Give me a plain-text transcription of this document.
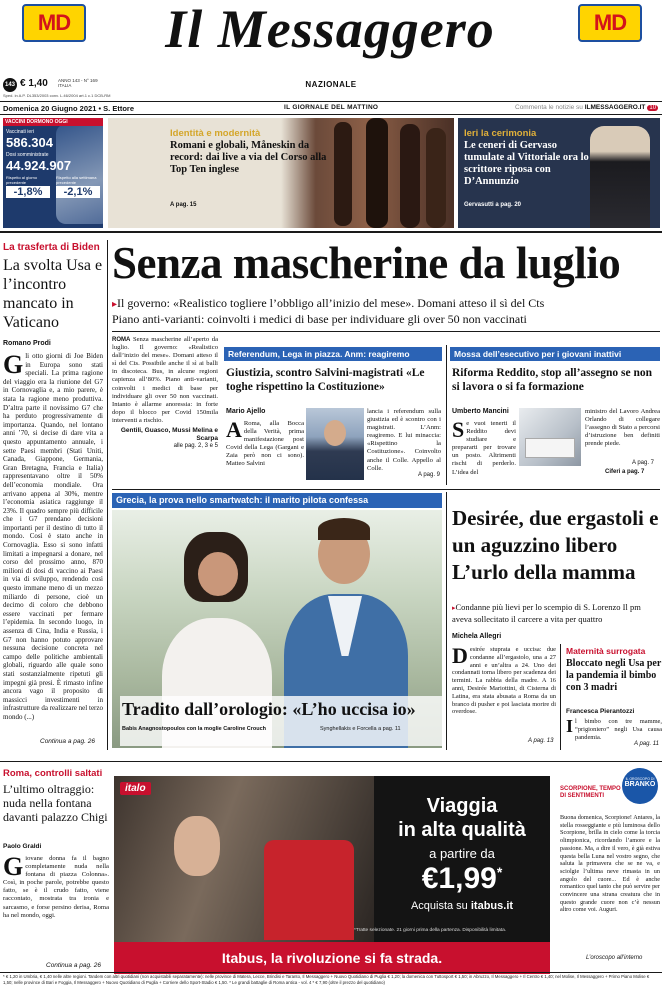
MD	MD
Il Messaggero
NAZIONALE
143 € 1,40 ANNO 143 - N° 169
ITALIA
Sped. in A.P. DL353/2003 conv. L.46/2004 art.1 c.1 DCB-RM
Domenica 20 Giugno 2021 • S. Ettore	IL GIORNALE DEL MATTINO	Commenta le notizie su ILMESSAGGERO.IT 10
VACCINI DORMONO OGGI
Vaccinati ieri
586.304
Dosi somministrate
44.924.907
Rispetto al giorno precedente
-1,8%
Rispetto alla settimana precedente
-2,1%
Identità e modernità
Romani e globali, Måneskin da record: dai live a via del Corso alla Top Ten inglese
A pag. 15
Ieri la cerimonia
Le ceneri di Gervaso tumulate al Vittoriale ora lo scrittore riposa con D’Annunzio
Gervasutti a pag. 20
La trasferta di Biden
La svolta Usa e l’incontro mancato in Vaticano
Romano Prodi
G li otto giorni di Joe Biden in Europa sono stati speciali. La prima ragione del viaggio era la riunione del G7 in Cornovaglia e, a mio parere, è stata la ragione meno produttiva. D’altra parte il novissimo G7 che ha perduto progressivamente di importanza. Quando, nel lontano anni ’70, si decise di dare vita a questo appuntamento annuale, i sette Paesi membri (Stati Uniti, Canada, Giappone, Germania, Gran Bretagna, Francia e Italia) rappresentavano oltre il 50% dell’economia mondiale. Ora arrivano appena al 30%, mentre l’economia asiatica raggiunge il 23%. Il quadro sempre più difficile che i G7 prendano decisioni importanti per il destino di tutto il mondo. Così è stato anche in Cornovaglia. Esso si sono infatti limitati a impegnarsi a donare, nel corso del prossimo anno, 870 milioni di dosi di vaccino ai Paesi in via di sviluppo, rendendo così questo immane meno di un mezzo miliardo di persone, cioè un decimo di coloro che debbono essere vaccinati per fermare l’epidemia. In secondo luogo, in assenza di Cina, India e Russia, i G7 non hanno potuto approvare nessuna decisione concreta nel campo delle politiche ambientali globali, riguardo alle quale sono stati sostanzialmente ripetuti gli impegni già presi. È rimasto infine ancora vago il proposito di massicci investimenti in infrastrutture da realizzare nel terzo mondo (...)

Continua a pag. 26
Senza mascherine da luglio
▸Il governo: «Realistico togliere l’obbligo all’inizio del mese». Domani atteso il sì del Cts
Piano anti-varianti: coinvolti i medici di base per individuare gli over 50 non vaccinati

ROMA Senza mascherine all’aperto da luglio. Il governo: «Realistico dall’inizio del mese». Domani atteso il sì del Cts. Possibile anche il sì ai balli in discoteca. Bus, in alcune regioni capienza all’80%. Piano anti-varianti, coinvolti i medici di base per individuare gli over 50 non vaccinati. Intanto è allarme anoressia: in forte dopo il blocco per Covid 150mila interventi a rischio.

Gentili, Guasco, Mussi Melina e Scarpa
alle pag. 2, 3 e 5
Referendum, Lega in piazza. Anm: reagiremo
Giustizia, scontro Salvini-magistrati «Le toghe rispettino la Costituzione»
Mario Ajello
A Roma, alla Bocca della Verità, prima manifestazione post Covid della Lega (Gargani e Zaia però non ci sono). Matteo Salvini

lancia i referendum sulla giustizia ed è scontro con i magistrati. L’Anm: reagiremo. E lui minaccia: «Rispettino la Costituzione». Coinvolto anche il Colle. Appello al Colle.

A pag. 9
Mossa dell’esecutivo per i giovani inattivi
Riforma Reddito, stop all’assegno se non si lavora o si fa formazione
Umberto Mancini
S e vuoi tenerti il Reddito devi studiare e prepararti per trovare un posto. Altrimenti rischi di perderlo. L’idea del

ministro del Lavoro Andrea Orlando di collegare l’assegno di Stato a percorsi d’istruzione ben definiti prende piede.

A pag. 7
Ciferi a pag. 7
Grecia, la prova nello smartwatch: il marito pilota confessa
Tradito dall’orologio: «L’ho uccisa io»
Babis Anagnostopoulos con la moglie Caroline Crouch	Synghellakis e Forcella a pag. 11
Desirée, due ergastoli e un aguzzino libero L’urlo della mamma
▸Condanne più lievi per lo scempio di S. Lorenzo Il pm aveva sollecitato il carcere a vita per quattro
Michela Allegri
D esirée stuprata e uccisa: due condanne all’ergastolo, una a 27 anni e un’altra a 24. Uno dei condannati torna libero per scadenza dei termini. La rabbia della madre. A 16 anni, Desirée Mariottini, di Cisterna di Latina, era stata abusata a Roma da un branco di pusher e poi lasciata morire di overdose.

A pag. 13
Maternità surrogata
Bloccato negli Usa per la pandemia il bimbo con 3 madri
Francesca Pierantozzi
I l bimbo con tre mamme, “prigioniero” negli Usa causa pandemia.

A pag. 11
Roma, controlli saltati
L’ultimo oltraggio: nuda nella fontana davanti palazzo Chigi
Paolo Graldi
G iovane donna fa il bagno completamente nuda nella fontana di piazza Colonna». Così, in poche parole, potrebbe questo fatto, se è il crudo fatto, viene raccontato, mostrata tra ironia e sarcasmo, e forse persino derisa, Roma ha nel mondo, oggi.

Continua a pag. 26
italo
Viaggia
in alta qualità
a partire da
€1,99*
Acquista su itabus.it
*Tratte selezionate. 21 giorni prima della partenza. Disponibilità limitata.
Itabus, la rivoluzione si fa strada.
IL OROSCOPO DI
BRANKO
SCORPIONE, TEMPO DI SENTIMENTI

Buona domenica, Scorpione! Antares, la stella rosseggiante e più luminosa dello Scorpione, brilla in cielo come la torcia olimpionica, ricordando l’amore e la passione. Ma, a dire il vero, è già estiva questa bella Luna nel vostro segno, che saluta la primavera che se ne va, e sciolgie l’ultima neve rimasta in un angolo del cuore... Ed è anche romantico quel tanto che può servire per convincere una strana creatura che in questo grande cuore non c’è nessun altro come voi. Auguri.

L’oroscopo all’interno
* € 1,20 in Umbria, € 1,40 nelle altre regioni. Tandem con altri quotidiani (non acquistabili separatamente): nelle province di Matera, Lecce, Brindisi e Taranto, Il Messaggero + Nuovo Quotidiano di Puglia € 1,20; la domenica con Tuttosport € 1,50; in Abruzzo, Il Messaggero + Il Centro € 1,40; nel Molise, Il Messaggero + Primo Piano Molise € 1,50; nelle province di Bari e Foggia, Il Messaggero + Nuovo Quotidiano di Puglia + Corriere dello Sport-Stadio € 1,50. * Le grandi battaglie di Roma antica - vol. 4 * € 7,90 (oltre il prezzo del quotidiano)
